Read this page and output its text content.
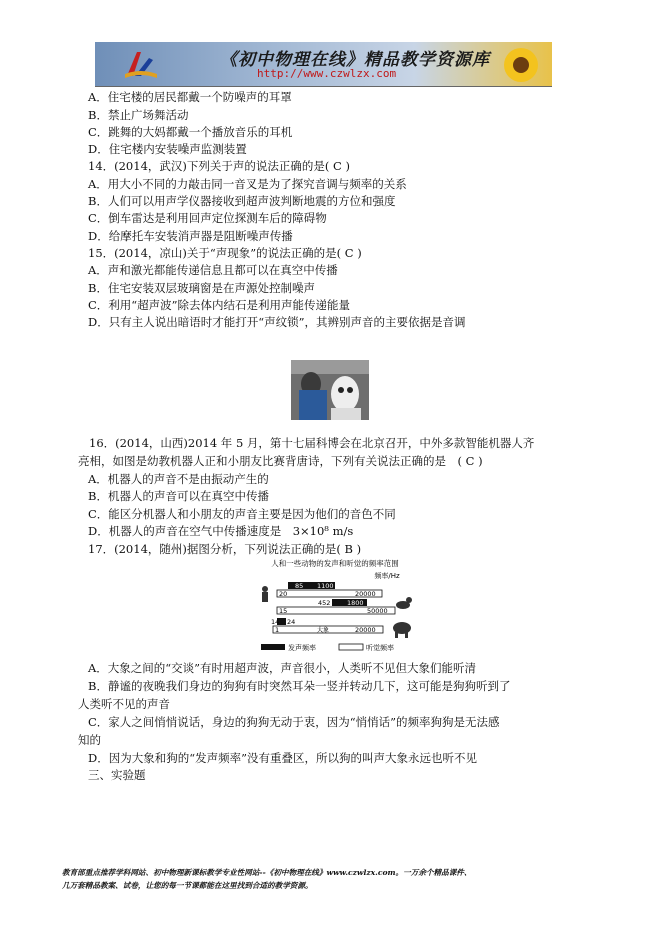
《初中物理在线》精品教学资源库
http://www.czwlzx.com
A．住宅楼的居民都戴一个防噪声的耳罩
B．禁止广场舞活动
C．跳舞的大妈都戴一个播放音乐的耳机
D．住宅楼内安装噪声监测装置
14．(2014，武汉)下列关于声的说法正确的是( C )
A．用大小不同的力敲击同一音叉是为了探究音调与频率的关系
B．人们可以用声学仪器接收到超声波判断地震的方位和强度
C．倒车雷达是利用回声定位探测车后的障碍物
D．给摩托车安装消声器是阻断噪声传播
15．(2014，凉山)关于“声现象”的说法正确的是( C )
A．声和激光都能传递信息且都可以在真空中传播
B．住宅安装双层玻璃窗是在声源处控制噪声
C．利用“超声波”除去体内结石是利用声能传递能量
D．只有主人说出暗语时才能打开“声纹锁”，其辨别声音的主要依据是音调
16．(2014，山西)2014 年 5 月，第十七届科博会在北京召开，中外多款智能机器人齐
亮相，如图是幼教机器人正和小朋友比赛背唐诗，下列有关说法正确的是　( C )
A．机器人的声音不是由振动产生的
B．机器人的声音可以在真空中传播
C．能区分机器人和小朋友的声音主要是因为他们的音色不同
D．机器人的声音在空气中传播速度是　3×10⁸ m/s
17．(2014，随州)据图分析，下列说法正确的是( B )
人和一些动物的发声和听觉的频率范围
频率/Hz
85 1100
20	20000
452	1800
15	50000
14 24
1	大象	20000
发声频率	听觉频率
A．大象之间的“交谈”有时用超声波，声音很小，人类听不见但大象们能听清
B．静谧的夜晚我们身边的狗狗有时突然耳朵一竖并转动几下，这可能是狗狗听到了
人类听不见的声音
C．家人之间悄悄说话，身边的狗狗无动于衷，因为“悄悄话”的频率狗狗是无法感
知的
D．因为大象和狗的“发声频率”没有重叠区，所以狗的叫声大象永远也听不见
三、实验题
教育部重点推荐学科网站、初中物理新课标教学专业性网站--《初中物理在线》www.czwlzx.com。一万余个精品课件、
几万套精品教案、试卷，让您的每一节课都能在这里找到合适的教学资源。
